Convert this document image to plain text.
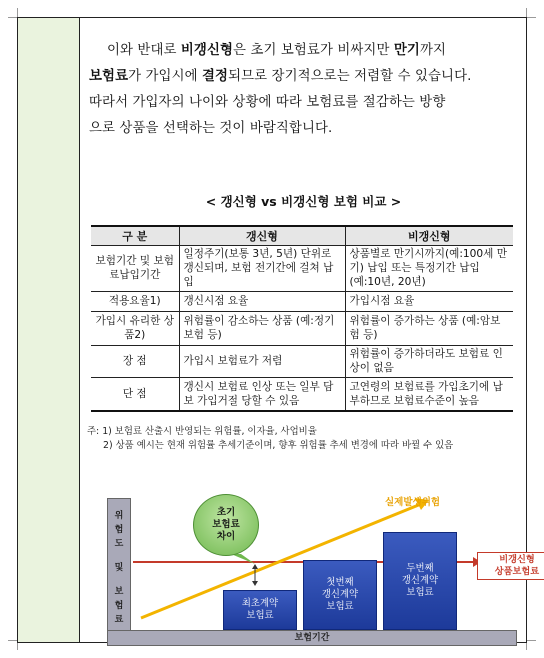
이와 반대로 비갱신형은 초기 보험료가 비싸지만 만기까지
보험료가 가입시에 결정되므로 장기적으로는 저렴할 수 있습니다.
따라서 가입자의 나이와 상황에 따라 보험료를 절감하는 방향
으로 상품을 선택하는 것이 바람직합니다.
< 갱신형 vs 비갱신형 보험 비교 >
구 분	갱신형	비갱신형
보험기간 및 보험료납입기간	일정주기(보통 3년, 5년) 단위로 갱신되며, 보험 전기간에 걸쳐 납입	상품별로 만기시까지(예:100세 만기) 납입 또는 특정기간 납입 (예:10년, 20년)
적용요율1)	갱신시점 요율	가입시점 요율
가입시 유리한 상품2)	위험률이 감소하는 상품 (예:정기보험 등)	위험률이 증가하는 상품 (예:암보험 등)
장 점	가입시 보험료가 저렴	위험률이 증가하더라도 보험료 인상이 없음
단 점	갱신시 보험료 인상 또는 일부 담보 가입거절 당할 수 있음	고연령의 보험료를 가입초기에 납부하므로 보험료수준이 높음
주: 1) 보험료 산출시 반영되는 위험률, 이자율, 사업비율
2) 상품 예시는 현재 위험률 추세기준이며, 향후 위험률 추세 변경에 따라 바뀔 수 있음
위
험
도
및
보
험
료
최초계약
보험료
첫번째
갱신계약
보험료
두번째
갱신계약
보험료
보험기간
초기
보험료
차이
실제발생위험
비갱신형
상품보험료
